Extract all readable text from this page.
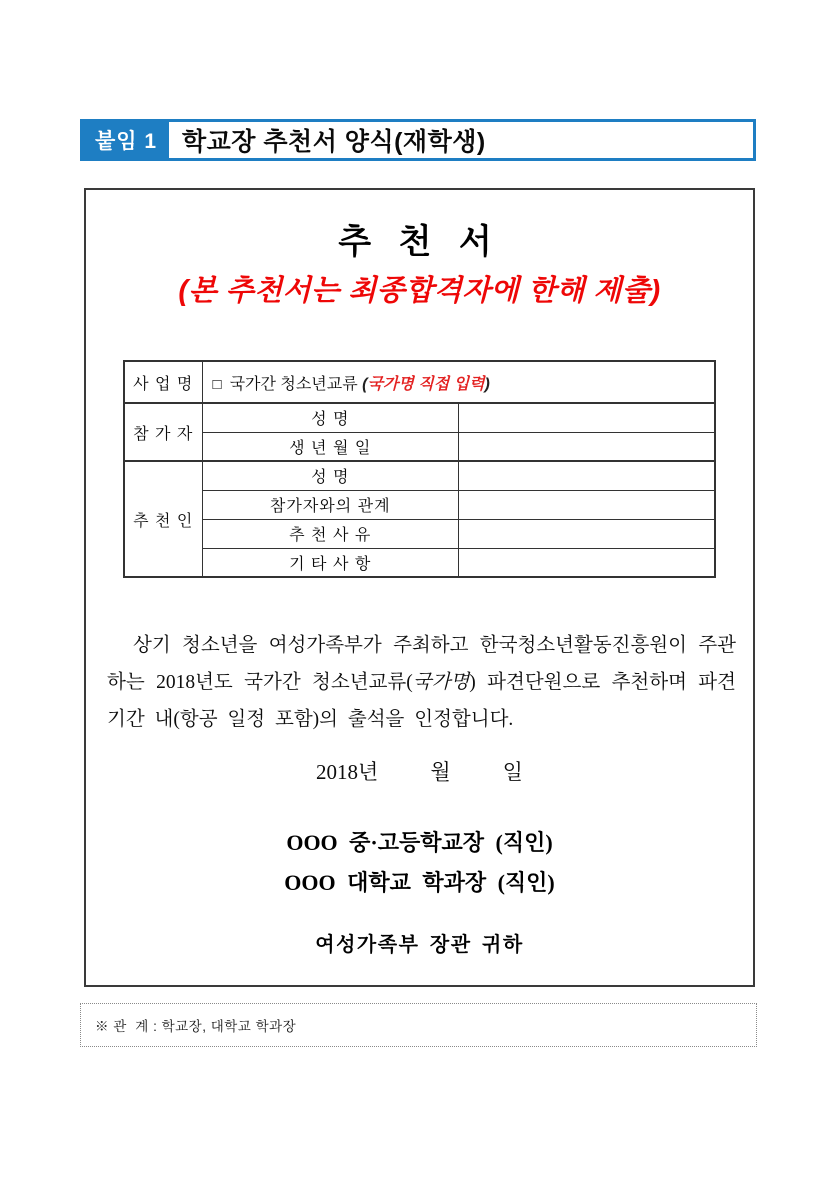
붙임 1 학교장 추천서 양식(재학생)
추 천 서
(본 추천서는 최종합격자에 한해 제출)
사 업 명	□ 국가간 청소년교류 (국가명 직접 입력)	
참 가 자	성 명	
	생 년 월 일	
추 천 인	성 명	
	참가자와의 관계	
	추 천 사 유	
	기 타 사 항	
상기 청소년을 여성가족부가 주최하고 한국청소년활동진흥원이 주관하는 2018년도 국가간 청소년교류(국가명) 파견단원으로 추천하며 파견기간 내(항공 일정 포함)의 출석을 인정합니다.
2018년 월 일
OOO 중·고등학교장 (직인)
OOO 대학교 학과장 (직인)
여성가족부 장관 귀하
※ 관  계 : 학교장, 대학교 학과장
